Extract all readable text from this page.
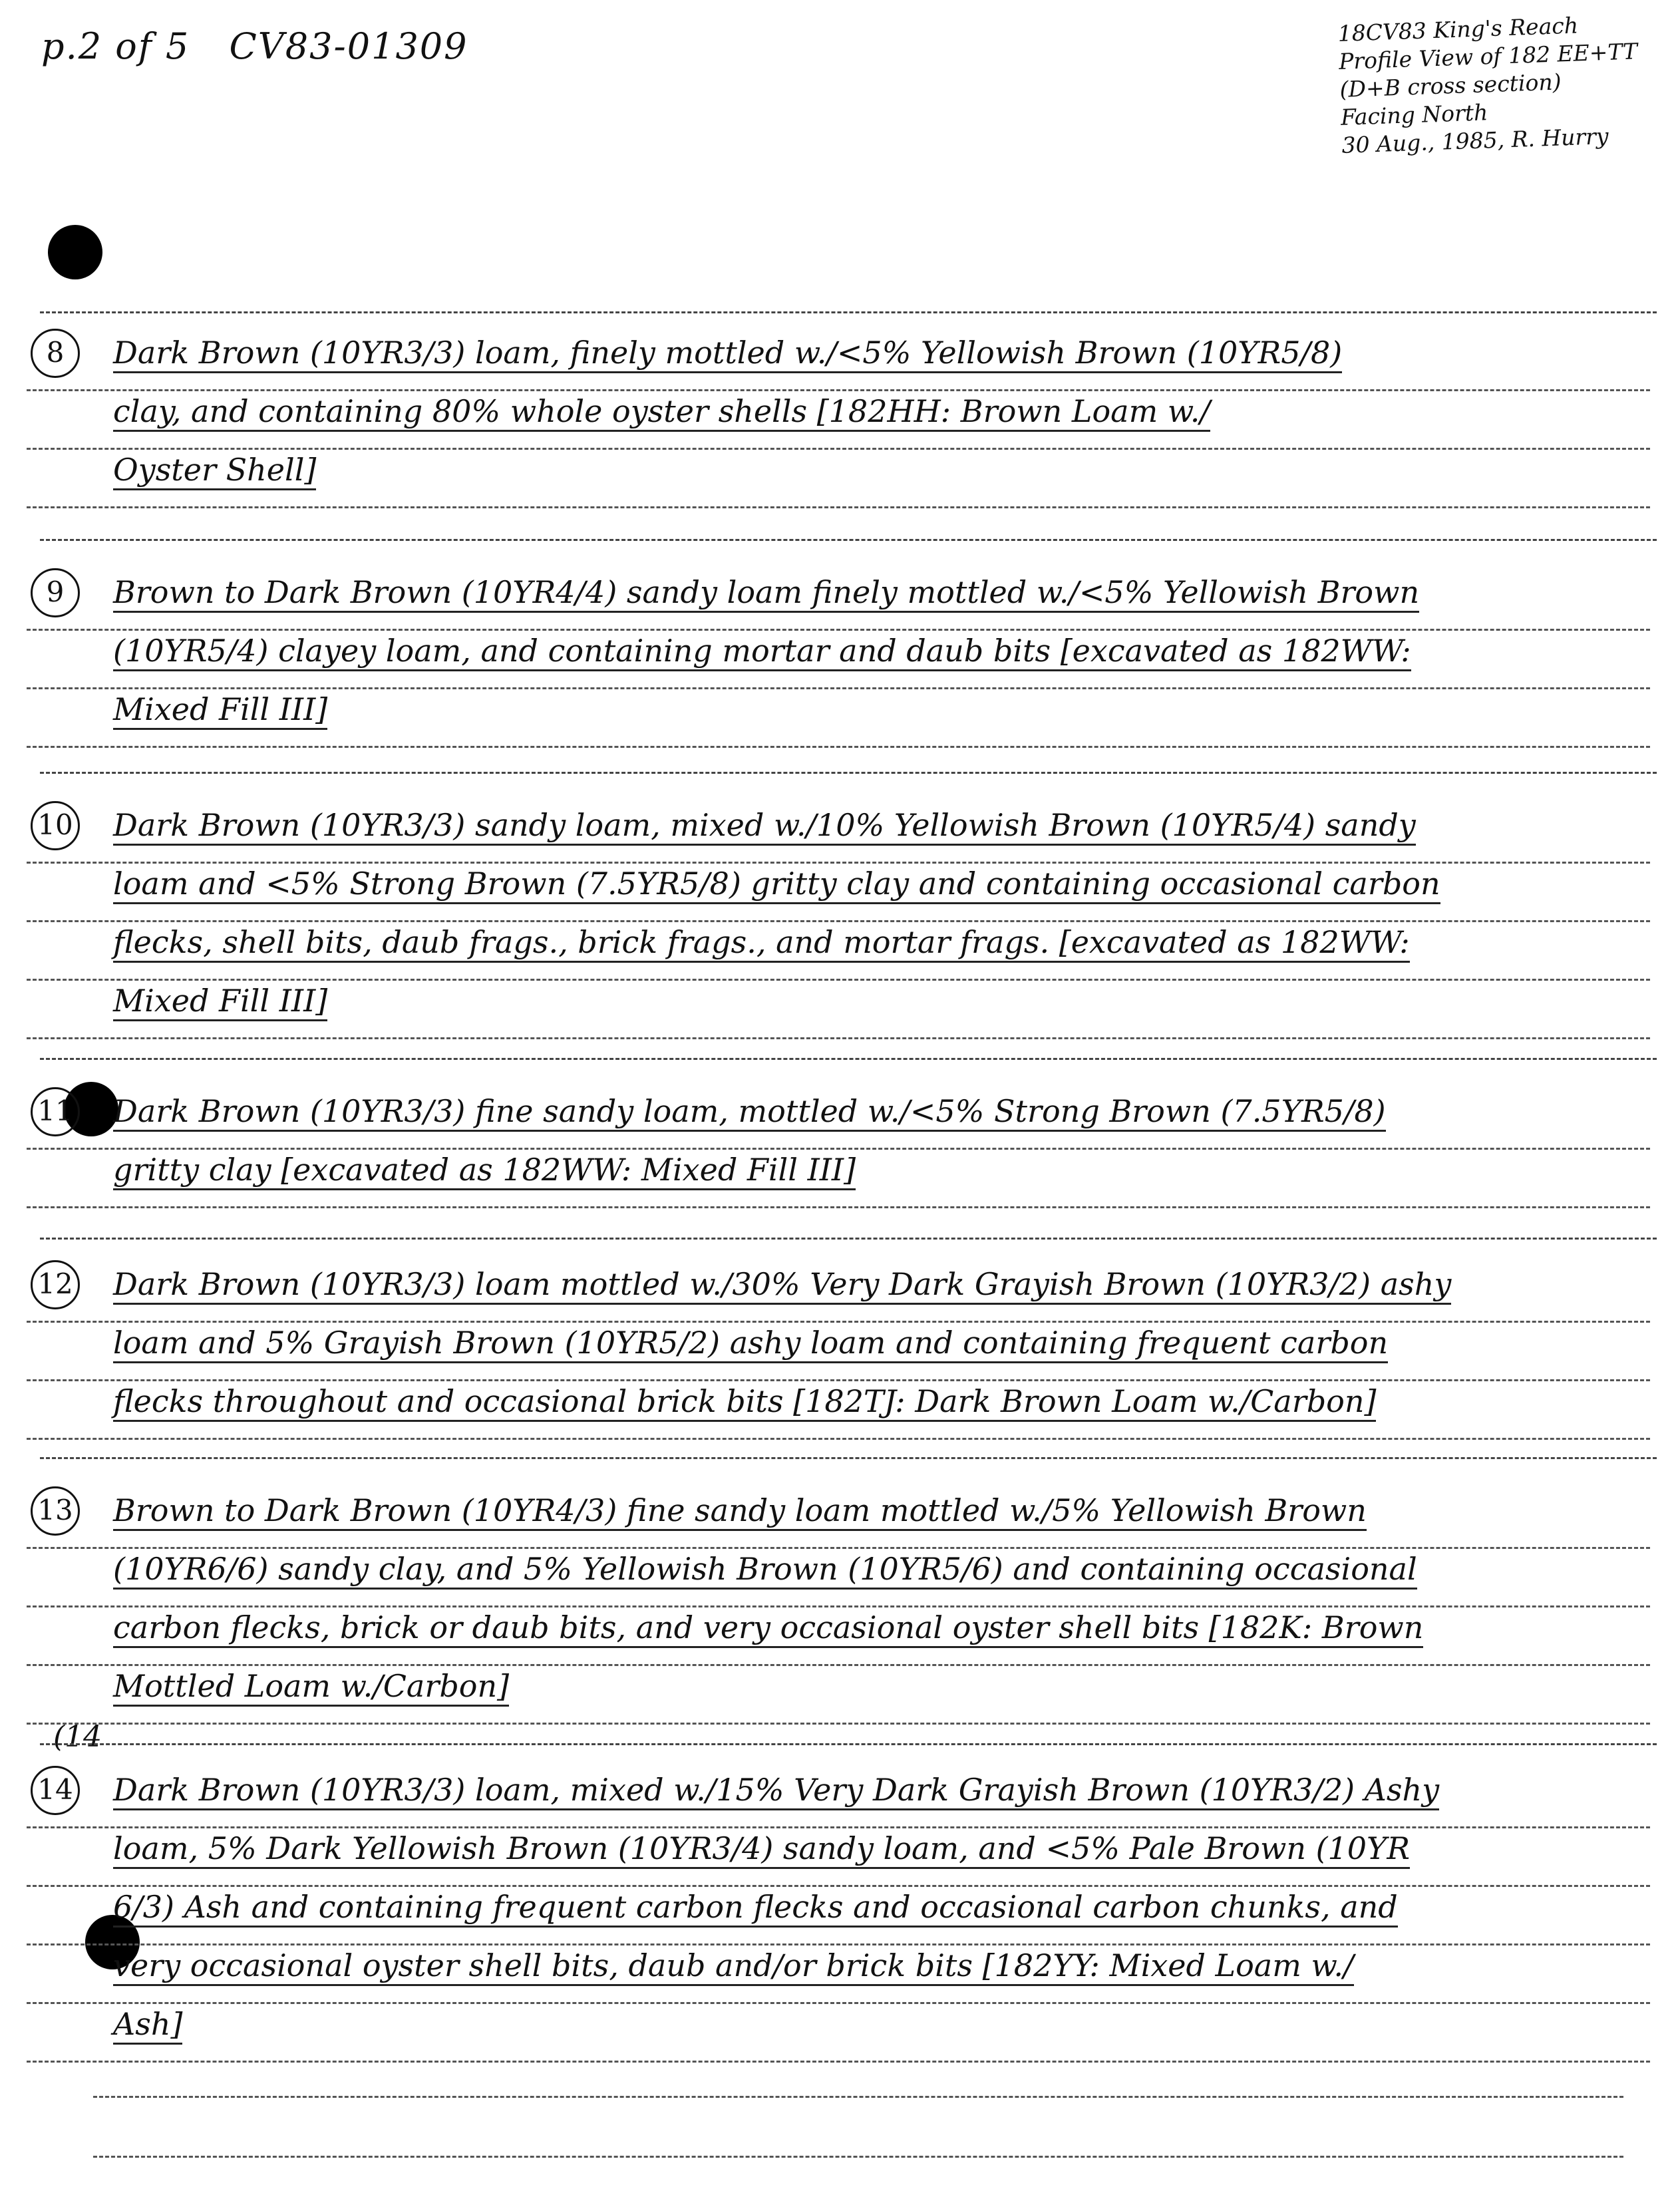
p.2 of 5 CV83-01309	18CV83 King's Reach
Profile View of 182 EE+TT
(D+B cross section)
Facing North
30 Aug., 1985, R. Hurry
8	Dark Brown (10YR3/3) loam, finely mottled w./<5% Yellowish Brown (10YR5/8)
clay, and containing 80% whole oyster shells [182HH: Brown Loam w./
Oyster Shell]
9	Brown to Dark Brown (10YR4/4) sandy loam finely mottled w./<5% Yellowish Brown
(10YR5/4) clayey loam, and containing mortar and daub bits [excavated as 182WW:
Mixed Fill III]
10 Dark Brown (10YR3/3) sandy loam, mixed w./10% Yellowish Brown (10YR5/4) sandy
loam and <5% Strong Brown (7.5YR5/8) gritty clay and containing occasional carbon
flecks, shell bits, daub frags., brick frags., and mortar frags. [excavated as 182WW:
Mixed Fill III]
11 Dark Brown (10YR3/3) fine sandy loam, mottled w./<5% Strong Brown (7.5YR5/8)
gritty clay [excavated as 182WW: Mixed Fill III]
12 Dark Brown (10YR3/3) loam mottled w./30% Very Dark Grayish Brown (10YR3/2) ashy
loam and 5% Grayish Brown (10YR5/2) ashy loam and containing frequent carbon
flecks throughout and occasional brick bits [182TJ: Dark Brown Loam w./Carbon]
13 Brown to Dark Brown (10YR4/3) fine sandy loam mottled w./5% Yellowish Brown
(10YR6/6) sandy clay, and 5% Yellowish Brown (10YR5/6) and containing occasional
carbon flecks, brick or daub bits, and very occasional oyster shell bits [182K: Brown
Mottled Loam w./Carbon]
(14
14 Dark Brown (10YR3/3) loam, mixed w./15% Very Dark Grayish Brown (10YR3/2) Ashy
loam, 5% Dark Yellowish Brown (10YR3/4) sandy loam, and <5% Pale Brown (10YR
6/3) Ash and containing frequent carbon flecks and occasional carbon chunks, and
very occasional oyster shell bits, daub and/or brick bits [182YY: Mixed Loam w./
Ash]
